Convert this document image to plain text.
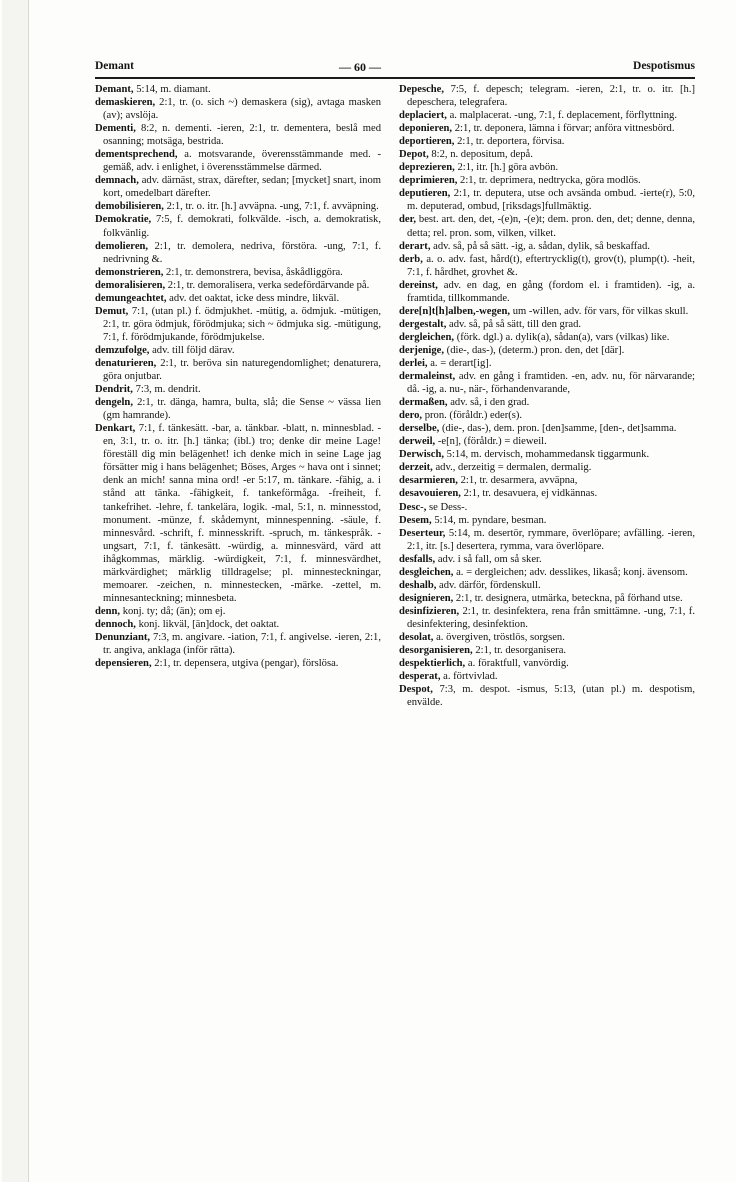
Demant	— 60 —	Despotismus

Demant, 5:14, m. diamant.

demaskieren, 2:1, tr. (o. sich ~) demaskera (sig), avtaga masken (av); avslöja.

Dementi, 8:2, n. dementi. -ieren, 2:1, tr. dementera, beslå med osanning; motsäga, bestrida.

dementsprechend, a. motsvarande, överensstämmande med. -gemäß, adv. i enlighet, i överensstämmelse därmed.

demnach, adv. därnäst, strax, därefter, sedan; [mycket] snart, inom kort, omedelbart därefter.

demobilisieren, 2:1, tr. o. itr. [h.] avväpna. -ung, 7:1, f. avväpning.

Demokratie, 7:5, f. demokrati, folkvälde. -isch, a. demokratisk, folkvänlig.

demolieren, 2:1, tr. demolera, nedriva, förstöra. -ung, 7:1, f. nedrivning &.

demonstrieren, 2:1, tr. demonstrera, bevisa, åskådliggöra.

demoralisieren, 2:1, tr. demoralisera, verka sedefördärvande på.

demungeachtet, adv. det oaktat, icke dess mindre, likväl.

Demut, 7:1, (utan pl.) f. ödmjukhet. -mütig, a. ödmjuk. -mütigen, 2:1, tr. göra ödmjuk, förödmjuka; sich ~ ödmjuka sig. -mütigung, 7:1, f. förödmjukande, förödmjukelse.

demzufolge, adv. till följd därav.

denaturieren, 2:1, tr. beröva sin naturegendomlighet; denaturera, göra onjutbar.

Dendrit, 7:3, m. dendrit.

dengeln, 2:1, tr. dänga, hamra, bulta, slå; die Sense ~ vässa lien (gm hamrande).

Denkart, 7:1, f. tänkesätt. -bar, a. tänkbar. -blatt, n. minnesblad. -en, 3:1, tr. o. itr. [h.] tänka; (ibl.) tro; denke dir meine Lage! föreställ dig min belägenhet! ich denke mich in seine Lage jag försätter mig i hans belägenhet; Böses, Arges ~ hava ont i sinnet; denk an mich! sanna mina ord! -er 5:17, m. tänkare. -fähig, a. i stånd att tänka. -fähigkeit, f. tankeförmåga. -freiheit, f. tankefrihet. -lehre, f. tankelära, logik. -mal, 5:1, n. minnesstod, monument. -münze, f. skådemynt, minnespenning. -säule, f. minnesvård. -schrift, f. minnesskrift. -spruch, m. tänkespråk. -ungsart, 7:1, f. tänkesätt. -würdig, a. minnesvärd, värd att ihågkommas, märklig. -würdigkeit, 7:1, f. minnesvärdhet, märkvärdighet; märklig tilldragelse; pl. minnesteckningar, memoarer. -zeichen, n. minnestecken, -märke. -zettel, m. minnesanteckning; minnesbeta.

denn, konj. ty; då; (än); om ej.

dennoch, konj. likväl, [än]dock, det oaktat.

Denunziant, 7:3, m. angivare. -iation, 7:1, f. angivelse. -ieren, 2:1, tr. angiva, anklaga (inför rätta).

depensieren, 2:1, tr. depensera, utgiva (pengar), förslösa.

Depesche, 7:5, f. depesch; telegram. -ieren, 2:1, tr. o. itr. [h.] depeschera, telegrafera.

deplaciert, a. malplacerat. -ung, 7:1, f. deplacement, förflyttning.

deponieren, 2:1, tr. deponera, lämna i förvar; anföra vittnesbörd.

deportieren, 2:1, tr. deportera, förvisa.

Depot, 8:2, n. depositum, depå.

deprezieren, 2:1, itr. [h.] göra avbön.

deprimieren, 2:1, tr. deprimera, nedtrycka, göra modlös.

deputieren, 2:1, tr. deputera, utse och avsända ombud. -ierte(r), 5:0, m. deputerad, ombud, [riksdags]fullmäktig.

der, best. art. den, det, -(e)n, -(e)t; dem. pron. den, det; denne, denna, detta; rel. pron. som, vilken, vilket.

derart, adv. så, på så sätt. -ig, a. sådan, dylik, så beskaffad.

derb, a. o. adv. fast, hård(t), eftertrycklig(t), grov(t), plump(t). -heit, 7:1, f. hårdhet, grovhet &.

dereinst, adv. en dag, en gång (fordom el. i framtiden). -ig, a. framtida, tillkommande.

dere[n]t[h]alben,-wegen, um -willen, adv. för vars, för vilkas skull.

dergestalt, adv. så, på så sätt, till den grad.

dergleichen, (förk. dgl.) a. dylik(a), sådan(a), vars (vilkas) like.

derjenige, (die-, das-), (determ.) pron. den, det [där].

derlei, a. = derart[ig].

dermaleinst, adv. en gång i framtiden. -en, adv. nu, för närvarande; då. -ig, a. nu-, när-, förhandenvarande,

dermaßen, adv. så, i den grad.

dero, pron. (föråldr.) eder(s).

derselbe, (die-, das-), dem. pron. [den]samme, [den-, det]samma.

derweil, -e[n], (föråldr.) = dieweil.

Derwisch, 5:14, m. dervisch, mohammedansk tiggarmunk.

derzeit, adv., derzeitig = dermalen, dermalig.

desarmieren, 2:1, tr. desarmera, avväpna,

desavouieren, 2:1, tr. desavuera, ej vidkännas.

Desc-, se Dess-.

Desem, 5:14, m. pyndare, besman.

Deserteur, 5:14, m. desertör, rymmare, överlöpare; avfälling. -ieren, 2:1, itr. [s.] desertera, rymma, vara överlöpare.

desfalls, adv. i så fall, om så sker.

desgleichen, a. = dergleichen; adv. desslikes, likaså; konj. ävensom.

deshalb, adv. därför, fördenskull.

designieren, 2:1, tr. designera, utmärka, beteckna, på förhand utse.

desinfizieren, 2:1, tr. desinfektera, rena från smittämne. -ung, 7:1, f. desinfektering, desinfektion.

desolat, a. övergiven, tröstlös, sorgsen.

desorganisieren, 2:1, tr. desorganisera.

despektierlich, a. föraktfull, vanvördig.

desperat, a. förtvivlad.

Despot, 7:3, m. despot. -ismus, 5:13, (utan pl.) m. despotism, envälde.
